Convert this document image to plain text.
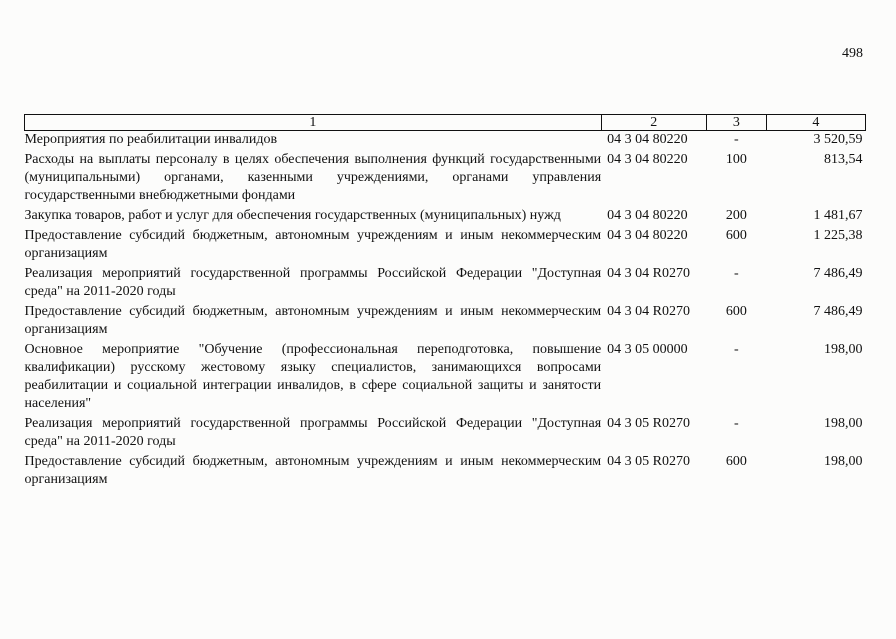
498
1	2	3	4
Мероприятия по реабилитации инвалидов	04 3 04 80220	-	3 520,59
Расходы на выплаты персоналу в целях обеспечения выполнения функций государственными (муниципальными) органами, казенными учреждениями, органами управления государственными внебюджетными фондами	04 3 04 80220	100	813,54
Закупка товаров, работ и услуг для обеспечения государственных (муниципальных) нужд	04 3 04 80220	200	1 481,67
Предоставление субсидий бюджетным, автономным учреждениям и иным некоммерческим организациям	04 3 04 80220	600	1 225,38
Реализация мероприятий государственной программы Российской Федерации "Доступная среда" на 2011-2020 годы	04 3 04 R0270	-	7 486,49
Предоставление субсидий бюджетным, автономным учреждениям и иным некоммерческим организациям	04 3 04 R0270	600	7 486,49
Основное мероприятие "Обучение (профессиональная переподготовка, повышение квалификации) русскому жестовому языку специалистов, занимающихся вопросами реабилитации и социальной интеграции инвалидов, в сфере социальной защиты и занятости населения"	04 3 05 00000	-	198,00
Реализация мероприятий государственной программы Российской Федерации "Доступная среда" на 2011-2020 годы	04 3 05 R0270	-	198,00
Предоставление субсидий бюджетным, автономным учреждениям и иным некоммерческим организациям	04 3 05 R0270	600	198,00
